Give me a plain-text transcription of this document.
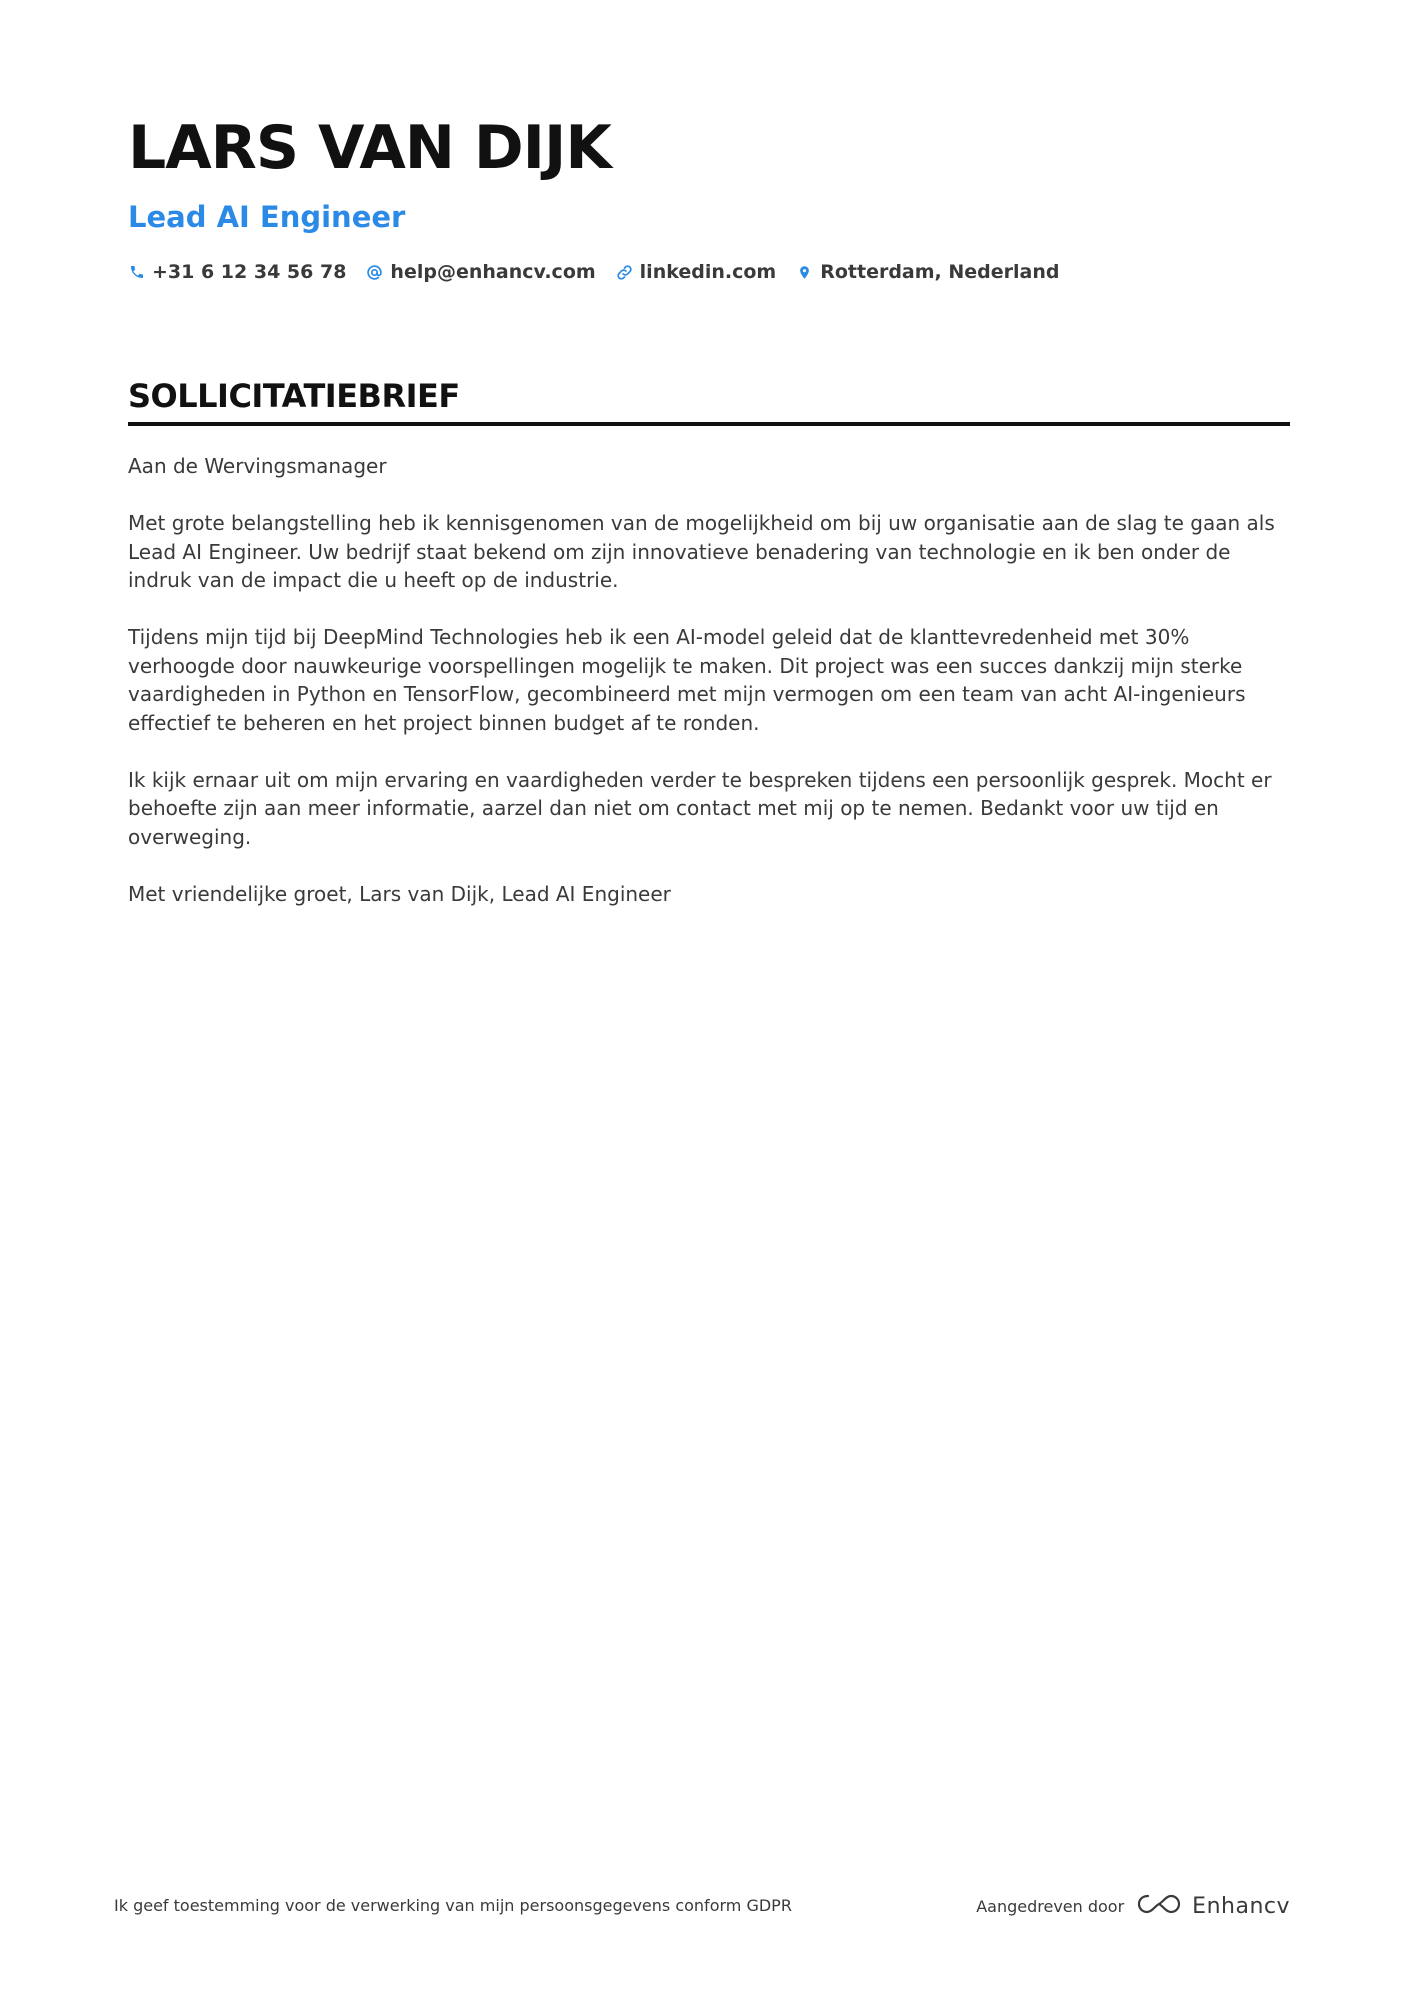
LARS VAN DIJK
Lead AI Engineer
+31 6 12 34 56 78 help@enhancv.com linkedin.com Rotterdam, Nederland
SOLLICITATIEBRIEF

Aan de Wervingsmanager

Met grote belangstelling heb ik kennisgenomen van de mogelijkheid om bij uw organisatie aan de slag te gaan als Lead AI Engineer. Uw bedrijf staat bekend om zijn innovatieve benadering van technologie en ik ben onder de indruk van de impact die u heeft op de industrie.

Tijdens mijn tijd bij DeepMind Technologies heb ik een AI-model geleid dat de klanttevredenheid met 30% verhoogde door nauwkeurige voorspellingen mogelijk te maken. Dit project was een succes dankzij mijn sterke vaardigheden in Python en TensorFlow, gecombineerd met mijn vermogen om een team van acht AI-ingenieurs effectief te beheren en het project binnen budget af te ronden.

Ik kijk ernaar uit om mijn ervaring en vaardigheden verder te bespreken tijdens een persoonlijk gesprek. Mocht er behoefte zijn aan meer informatie, aarzel dan niet om contact met mij op te nemen. Bedankt voor uw tijd en overweging.

Met vriendelijke groet, Lars van Dijk, Lead AI Engineer

Ik geef toestemming voor de verwerking van mijn persoonsgegevens conform GDPR	Aangedreven door	Enhancv
